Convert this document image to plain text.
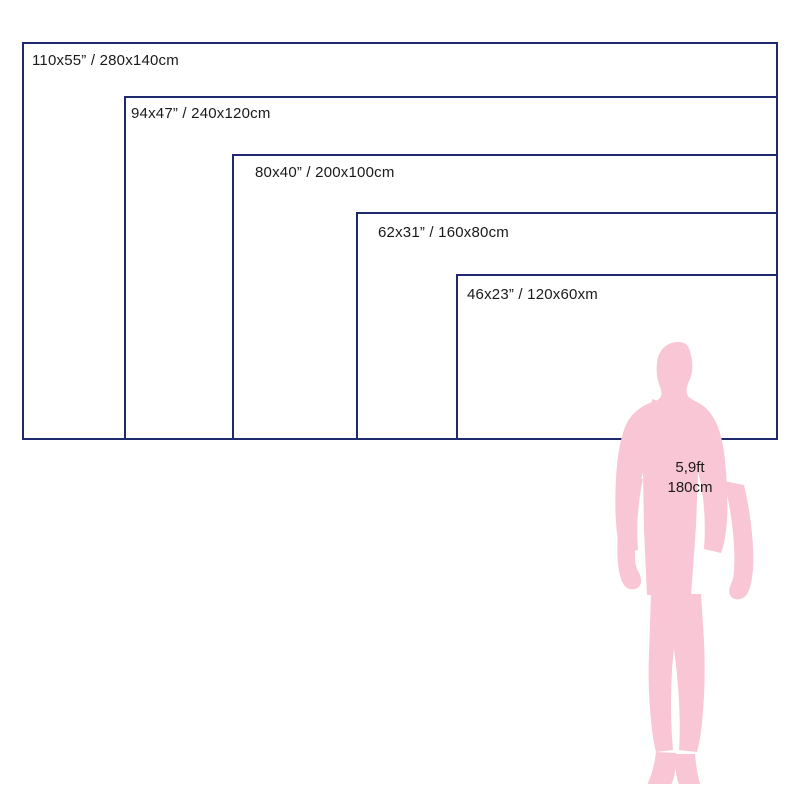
110x55” / 280x140cm
94x47” / 240x120cm
80x40” / 200x100cm
62x31” / 160x80cm
46x23” / 120x60xm
5,9ft
180cm
